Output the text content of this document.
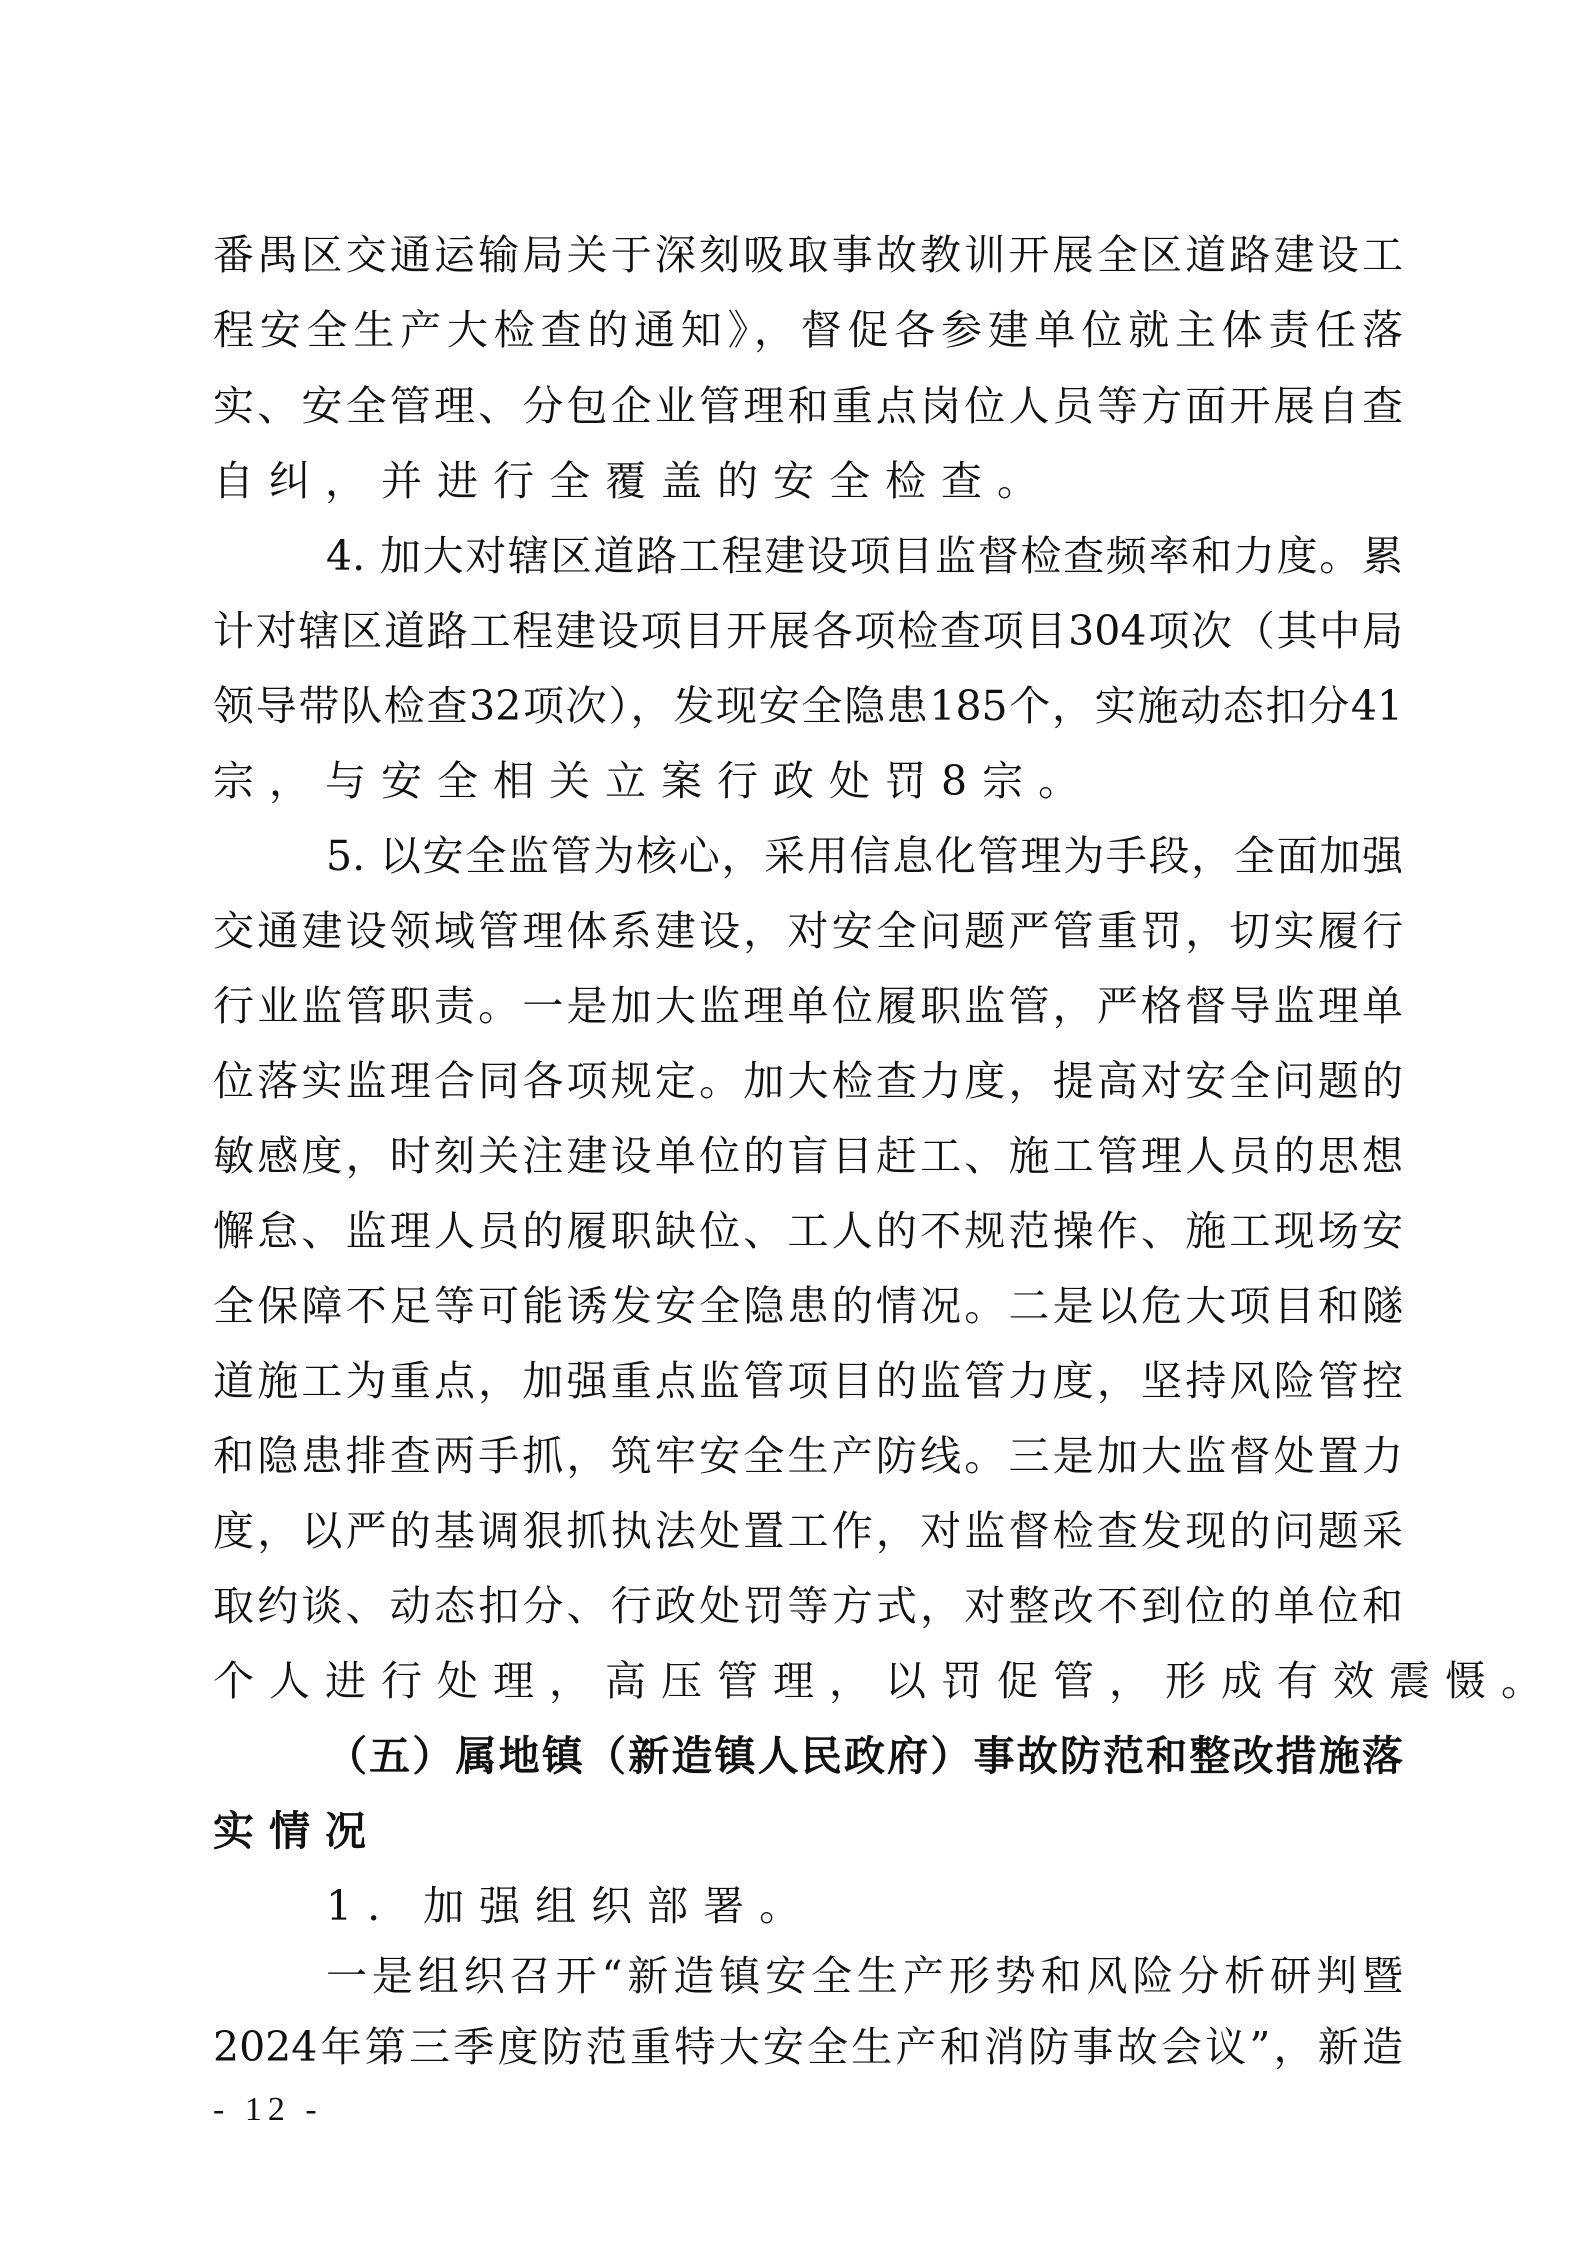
番禺区交通运输局关于深刻吸取事故教训开展全区道路建设工
程安全生产大检查的通知》，督促各参建单位就主体责任落
实、安全管理、分包企业管理和重点岗位人员等方面开展自查
自纠，并进行全覆盖的安全检查。
4. 加大对辖区道路工程建设项目监督检查频率和力度。累
计对辖区道路工程建设项目开展各项检查项目304项次（其中局
领导带队检查32项次），发现安全隐患185个，实施动态扣分41
宗，与安全相关立案行政处罚8宗。
5. 以安全监管为核心，采用信息化管理为手段，全面加强
交通建设领域管理体系建设，对安全问题严管重罚，切实履行
行业监管职责。一是加大监理单位履职监管，严格督导监理单
位落实监理合同各项规定。加大检查力度，提高对安全问题的
敏感度，时刻关注建设单位的盲目赶工、施工管理人员的思想
懈怠、监理人员的履职缺位、工人的不规范操作、施工现场安
全保障不足等可能诱发安全隐患的情况。二是以危大项目和隧
道施工为重点，加强重点监管项目的监管力度，坚持风险管控
和隐患排查两手抓，筑牢安全生产防线。三是加大监督处置力
度，以严的基调狠抓执法处置工作，对监督检查发现的问题采
取约谈、动态扣分、行政处罚等方式，对整改不到位的单位和
个人进行处理，高压管理，以罚促管，形成有效震慑。
（五）属地镇（新造镇人民政府）事故防范和整改措施落
实情况
1. 加强组织部署。
一是组织召开“新造镇安全生产形势和风险分析研判暨
2024年第三季度防范重特大安全生产和消防事故会议”，新造
- 12 -
